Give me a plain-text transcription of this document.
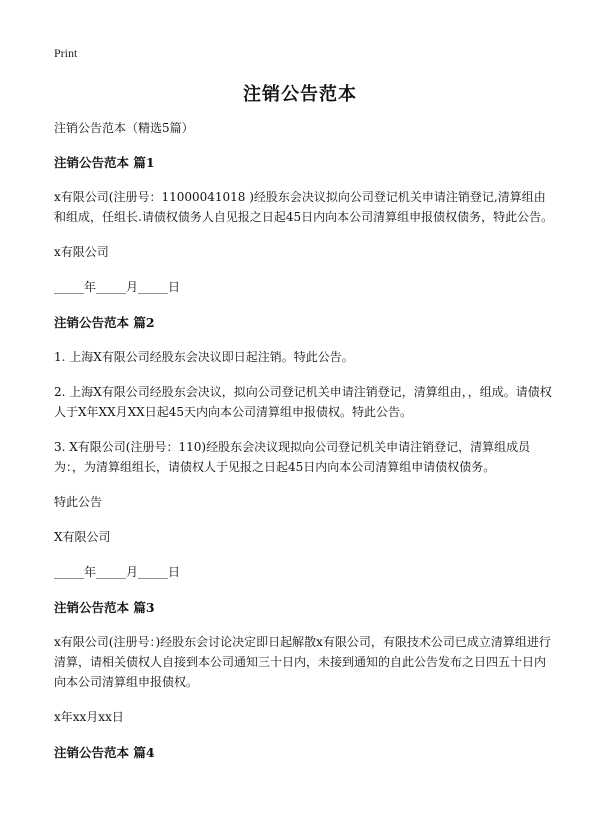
Print
注销公告范本

注销公告范本（精选5篇）

注销公告范本 篇1

x有限公司(注册号：11000041018 )经股东会决议拟向公司登记机关申请注销登记,清算组由和组成，任组长.请债权债务人自见报之日起45日内向本公司清算组申报债权债务，特此公告。

x有限公司

_____年_____月_____日

注销公告范本 篇2

1. 上海X有限公司经股东会决议即日起注销。特此公告。

2. 上海X有限公司经股东会决议，拟向公司登记机关申请注销登记，清算组由，，组成。请债权人于X年XX月XX日起45天内向本公司清算组申报债权。特此公告。

3. X有限公司(注册号：110)经股东会决议现拟向公司登记机关申请注销登记，清算组成员为：，为清算组组长，请债权人于见报之日起45日内向本公司清算组申请债权债务。

特此公告

X有限公司

_____年_____月_____日

注销公告范本 篇3

x有限公司(注册号：)经股东会讨论决定即日起解散x有限公司，有限技术公司已成立清算组进行清算，请相关债权人自接到本公司通知三十日内，未接到通知的自此公告发布之日四五十日内向本公司清算组申报债权。

x年xx月xx日

注销公告范本 篇4
